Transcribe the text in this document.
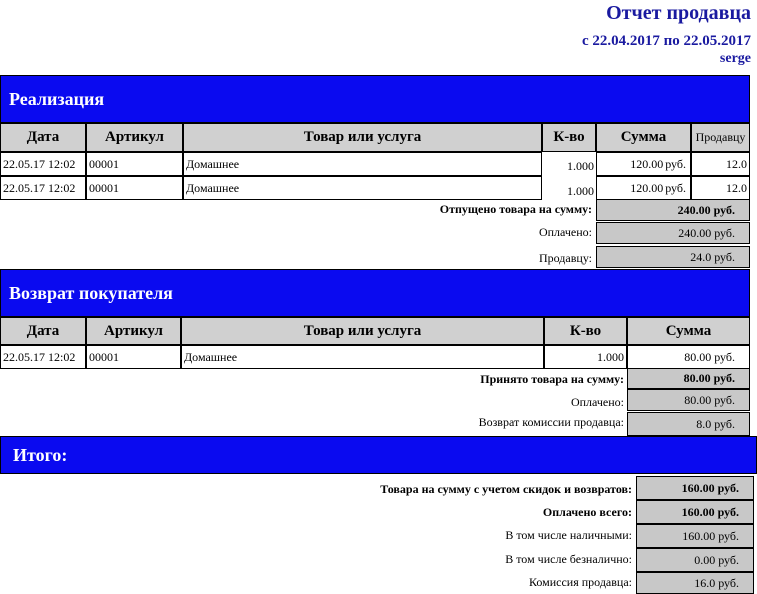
Отчет продавца
с 22.04.2017 по 22.05.2017
serge
Реализация
Дата	Артикул	Товар или услуга	К-во	Сумма	Продавцу
22.05.17 12:02	00001	Домашнее	1.000	120.00 руб.	12.0
22.05.17 12:02	00001	Домашнее	1.000	120.00 руб.	12.0
Отпущено товара на сумму:	240.00 руб.
Оплачено:	240.00 руб.
Продавцу:	24.0 руб.
Возврат покупателя
Дата	Артикул	Товар или услуга	К-во	Сумма
22.05.17 12:02	00001	Домашнее	1.000	80.00 руб.
Принято товара на сумму:	80.00 руб.
Оплачено:	80.00 руб.
Возврат комиссии продавца:	8.0 руб.
Итого:
Товара на сумму с учетом скидок и возвратов:	160.00 руб.
Оплачено всего:	160.00 руб.
В том числе наличными:	160.00 руб.
В том числе безналично:	0.00 руб.
Комиссия продавца:	16.0 руб.
